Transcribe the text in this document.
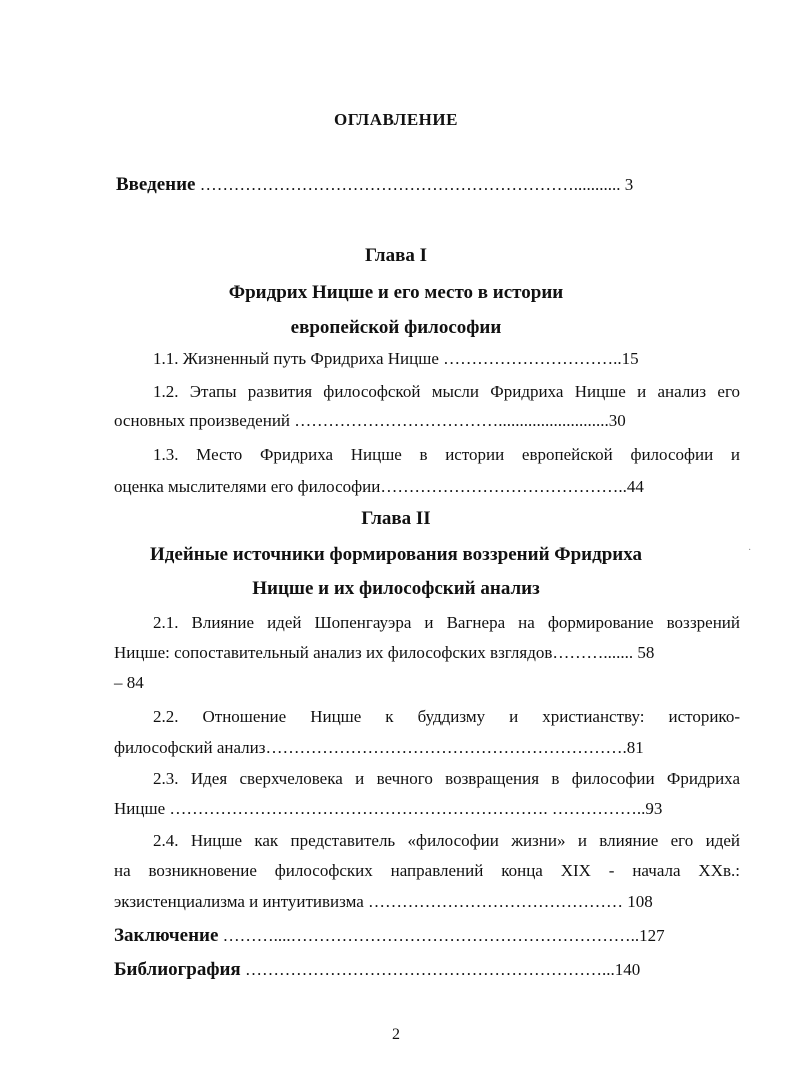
ОГЛАВЛЕНИЕ
Введение …………………………………………………………........... 3
Глава I
Фридрих Ницше и его место в истории
европейской философии
1.1. Жизненный путь Фридриха Ницше …………………………..15
1.2. Этапы развития философской мысли Фридриха Ницше и анализ его
основных произведений ………………………………..........................30
1.3. Место Фридриха Ницше в истории европейской философии и
оценка мыслителями его философии……………………………………..44
Глава II
Идейные источники формирования воззрений Фридриха
Ницше и их философский анализ
2.1. Влияние идей Шопенгауэра и Вагнера на формирование воззрений
Ницше: сопоставительный анализ их философских взглядов………....... 58
– 84
2.2. Отношение Ницше к буддизму и христианству: историко-
философский анализ……………………………………………………….81
2.3. Идея сверхчеловека и вечного возвращения в философии Фридриха
Ницше …………………………………………………………. ……………..93
2.4. Ницше как представитель «философии жизни» и влияние его идей
на возникновение философских направлений конца XIX - начала XXв.:
экзистенциализма и интуитивизма ……………………………………… 108
Заключение ………....……………………………………………………..127
Библиография ………………………………………………………...140
2
·
